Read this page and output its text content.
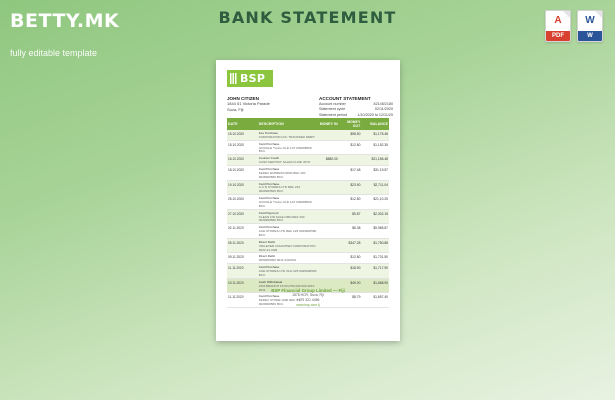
BETTY.MK
fully editable template
BANK STATEMENT	A
PDF
W
W
BSP
JOHN CITIZEN
1844 51 Victoria Parade
Suva, Fiji
ACCOUNT STATEMENT
Account number	82145/2180
Statement cycle	02/11/2020
Statement period	1/10/2020 to 12/11/20
DATE	DESCRIPTION	MONEY IN	MONEY OUT	BALANCE
15.10.2020	Fee Purchase
CORPORATION A/C TRANSFER DEBIT		$98.50	$1,175.48
15.10.2020	Card Purchase
GOOGLE *Voice OLD 1AT 009288509 BCC		$12.80	$1,152.35
16.10.2020	Counter Credit
CASH DEPOSIT SALES FUND INTO	$880.00		$21,156.48
18.10.2020	Card Purchase
FEDEX EXPRESS 8840 REF 220 9028900580 BCC		$17.48	$31.19.57
19.10.2020	Card Purchase
A.C.N STORES LTD REF 223 0029900500 BCC		$23.90	$2,711.04
25.10.2020	Card Purchase
GOOGLE *Voice OLD 1AT 009288509 BCC		$12.80	$21,10.25
27.10.2020	Card Payment
CLEAN FIN SALE ORD REF 230 0029900580 BCC		$9.87	$2,302.15
02.11.2020	Card Purchase
ACE STORES LTD REF 229 0029900580 BCC		$8.38	$9,985.87
05.11.2020	Direct Debit
UNILEVER UNLIMITED CORPORATION 0022-21-00M		$347.28	$1,750.88
09.11.2020	Direct Debit
0000009000 0011 0110001		$12.80	$1,731.50
11.11.2020	Card Purchase
ACE STORES LTD OLD 225 0029900580 BCC		$18.90	$1,717.90
10.11.2020	Cash Withdrawal
ATM BRANCH 15.00 ATM 009 000 9010 0011		$49.00	$1,668.90
11.11.2020	Card Purchase
FEDEX STORE 1900 REF 2 0 0029900580 BCC		$8.79	$1,657.40
BSP Financial Group Limited — Fiji
1878 HCR, Suva, Fiji
+679 321 4456
www.bsp.com.fj
